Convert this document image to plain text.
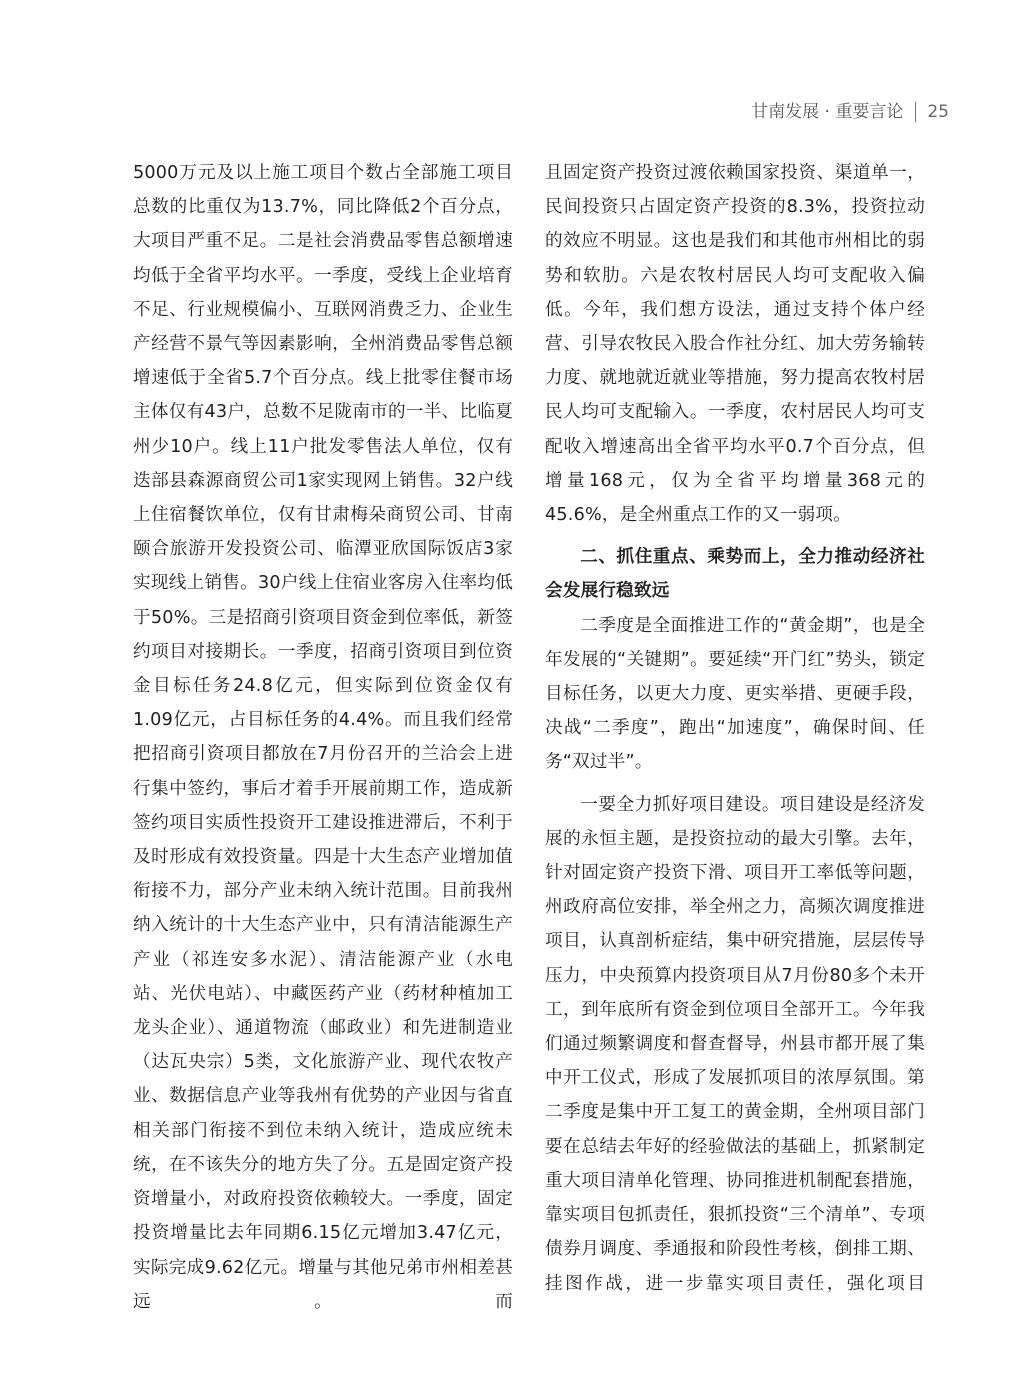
甘南发展 · 重要言论 25

5000万元及以上施工项目个数占全部施工项目总数的比重仅为13.7%，同比降低2个百分点，大项目严重不足。二是社会消费品零售总额增速均低于全省平均水平。一季度，受线上企业培育不足、行业规模偏小、互联网消费乏力、企业生产经营不景气等因素影响，全州消费品零售总额增速低于全省5.7个百分点。线上批零住餐市场主体仅有43户，总数不足陇南市的一半、比临夏州少10户。线上11户批发零售法人单位，仅有迭部县森源商贸公司1家实现网上销售。32户线上住宿餐饮单位，仅有甘肃梅朵商贸公司、甘南颐合旅游开发投资公司、临潭亚欣国际饭店3家实现线上销售。30户线上住宿业客房入住率均低于50%。三是招商引资项目资金到位率低，新签约项目对接期长。一季度，招商引资项目到位资金目标任务24.8亿元，但实际到位资金仅有1.09亿元，占目标任务的4.4%。而且我们经常把招商引资项目都放在7月份召开的兰洽会上进行集中签约，事后才着手开展前期工作，造成新签约项目实质性投资开工建设推进滞后，不利于及时形成有效投资量。四是十大生态产业增加值衔接不力，部分产业未纳入统计范围。目前我州纳入统计的十大生态产业中，只有清洁能源生产产业（祁连安多水泥）、清洁能源产业（水电站、光伏电站）、中藏医药产业（药材种植加工龙头企业）、通道物流（邮政业）和先进制造业（达瓦央宗）5类，文化旅游产业、现代农牧产业、数据信息产业等我州有优势的产业因与省直相关部门衔接不到位未纳入统计，造成应统未统，在不该失分的地方失了分。五是固定资产投资增量小，对政府投资依赖较大。一季度，固定投资增量比去年同期6.15亿元增加3.47亿元，实际完成9.62亿元。增量与其他兄弟市州相差甚远。而

且固定资产投资过渡依赖国家投资、渠道单一，民间投资只占固定资产投资的8.3%，投资拉动的效应不明显。这也是我们和其他市州相比的弱势和软肋。六是农牧村居民人均可支配收入偏低。今年，我们想方设法，通过支持个体户经营、引导农牧民入股合作社分红、加大劳务输转力度、就地就近就业等措施，努力提高农牧村居民人均可支配输入。一季度，农村居民人均可支配收入增速高出全省平均水平0.7个百分点，但增量168元，仅为全省平均增量368元的45.6%，是全州重点工作的又一弱项。

二、抓住重点、乘势而上，全力推动经济社会发展行稳致远

二季度是全面推进工作的“黄金期”，也是全年发展的“关键期”。要延续“开门红”势头，锁定目标任务，以更大力度、更实举措、更硬手段，决战“二季度”，跑出“加速度”，确保时间、任务“双过半”。

一要全力抓好项目建设。项目建设是经济发展的永恒主题，是投资拉动的最大引擎。去年，针对固定资产投资下滑、项目开工率低等问题，州政府高位安排，举全州之力，高频次调度推进项目，认真剖析症结，集中研究措施，层层传导压力，中央预算内投资项目从7月份80多个未开工，到年底所有资金到位项目全部开工。今年我们通过频繁调度和督查督导，州县市都开展了集中开工仪式，形成了发展抓项目的浓厚氛围。第二季度是集中开工复工的黄金期，全州项目部门要在总结去年好的经验做法的基础上，抓紧制定重大项目清单化管理、协同推进机制配套措施，靠实项目包抓责任，狠抓投资“三个清单”、专项债券月调度、季通报和阶段性考核，倒排工期、挂图作战，进一步靠实项目责任，强化项目
